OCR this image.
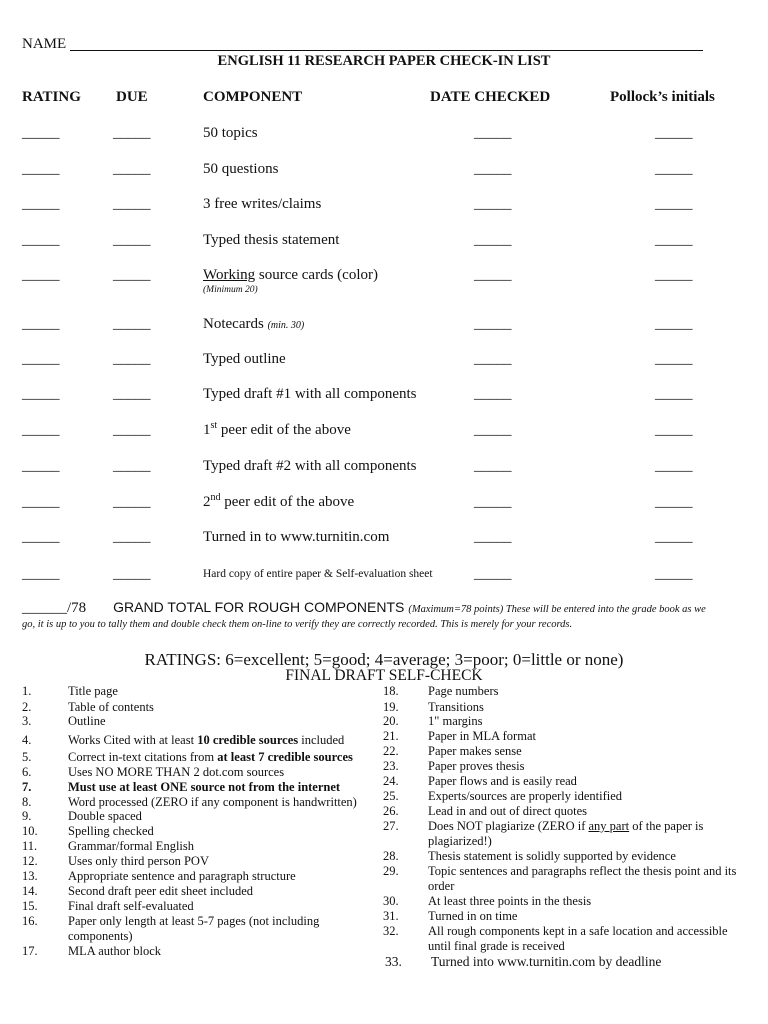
NAME
ENGLISH 11 RESEARCH PAPER CHECK-IN LIST
RATING DUE	COMPONENT	DATE CHECKED	Pollock’s initials
_____	_____	50 topics	_____	_____
_____	_____	50 questions	_____	_____
_____	_____	3 free writes/claims	_____	_____
_____	_____	Typed thesis statement	_____	_____
_____	_____	Working source cards (color)	_____	_____
(Minimum 20)
_____	_____	Notecards (min. 30)	_____	_____
_____	_____	Typed outline	_____	_____
_____	_____	Typed draft #1 with all components	_____	_____
_____	_____	1st peer edit of the above	_____	_____
_____	_____	Typed draft #2 with all components	_____	_____
_____	_____	2nd peer edit of the above	_____	_____
_____	_____	Turned in to www.turnitin.com	_____	_____
_____	_____	Hard copy of entire paper & Self-evaluation sheet	_____	_____
______/78 GRAND TOTAL FOR ROUGH COMPONENTS (Maximum=78 points) These will be entered into the grade book as we go, it is up to you to tally them and double check them on-line to verify they are correctly recorded. This is merely for your records.
RATINGS: 6=excellent; 5=good; 4=average; 3=poor; 0=little or none)
FINAL DRAFT SELF-CHECK
1.	Title page
2.	Table of contents
3.	Outline
4.	Works Cited with at least 10 credible sources included
5.	Correct in-text citations from at least 7 credible sources
6.	Uses NO MORE THAN 2 dot.com sources
7.	Must use at least ONE source not from the internet
8.	Word processed (ZERO if any component is handwritten)
9.	Double spaced
10. Spelling checked
11. Grammar/formal English
12. Uses only third person POV
13. Appropriate sentence and paragraph structure
14. Second draft peer edit sheet included
15. Final draft self-evaluated
16. Paper only length at least 5-7 pages (not including components)
17. MLA author block
18. Page numbers
19. Transitions
20. 1" margins
21. Paper in MLA format
22. Paper makes sense
23. Paper proves thesis
24. Paper flows and is easily read
25. Experts/sources are properly identified
26. Lead in and out of direct quotes
27. Does NOT plagiarize (ZERO if any part of the paper is plagiarized!)
28. Thesis statement is solidly supported by evidence
29. Topic sentences and paragraphs reflect the thesis point and its order
30. At least three points in the thesis
31. Turned in on time
32. All rough components kept in a safe location and accessible until final grade is received
33. Turned into www.turnitin.com by deadline
